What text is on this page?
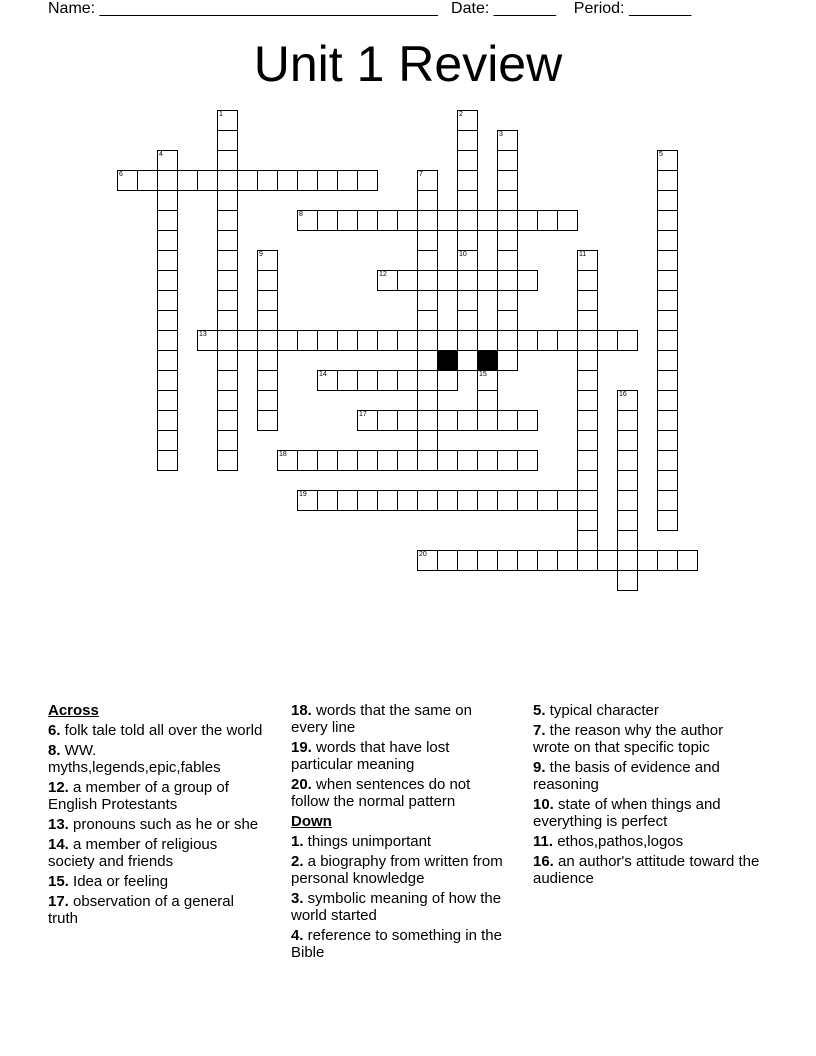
Name: ______________________________________   Date: _______    Period: _______
Unit 1 Review
1	2
3
4	5
6	7
8
9	10	11
12
13
14	15
16
17
18
19
20
Across
6. folk tale told all over the world
8. WW. myths,legends,epic,fables
12. a member of a group of English Protestants
13. pronouns such as he or she
14. a member of religious society and friends
15. Idea or feeling
17. observation of a general truth
18. words that the same on every line
19. words that have lost particular meaning
20. when sentences do not follow the normal pattern
Down
1. things unimportant
2. a biography from written from personal knowledge
3. symbolic meaning of how the world started
4. reference to something in the Bible
5. typical character
7. the reason why the author wrote on that specific topic
9. the basis of evidence and reasoning
10. state of when things and everything is perfect
11. ethos,pathos,logos
16. an author's attitude toward the audience
